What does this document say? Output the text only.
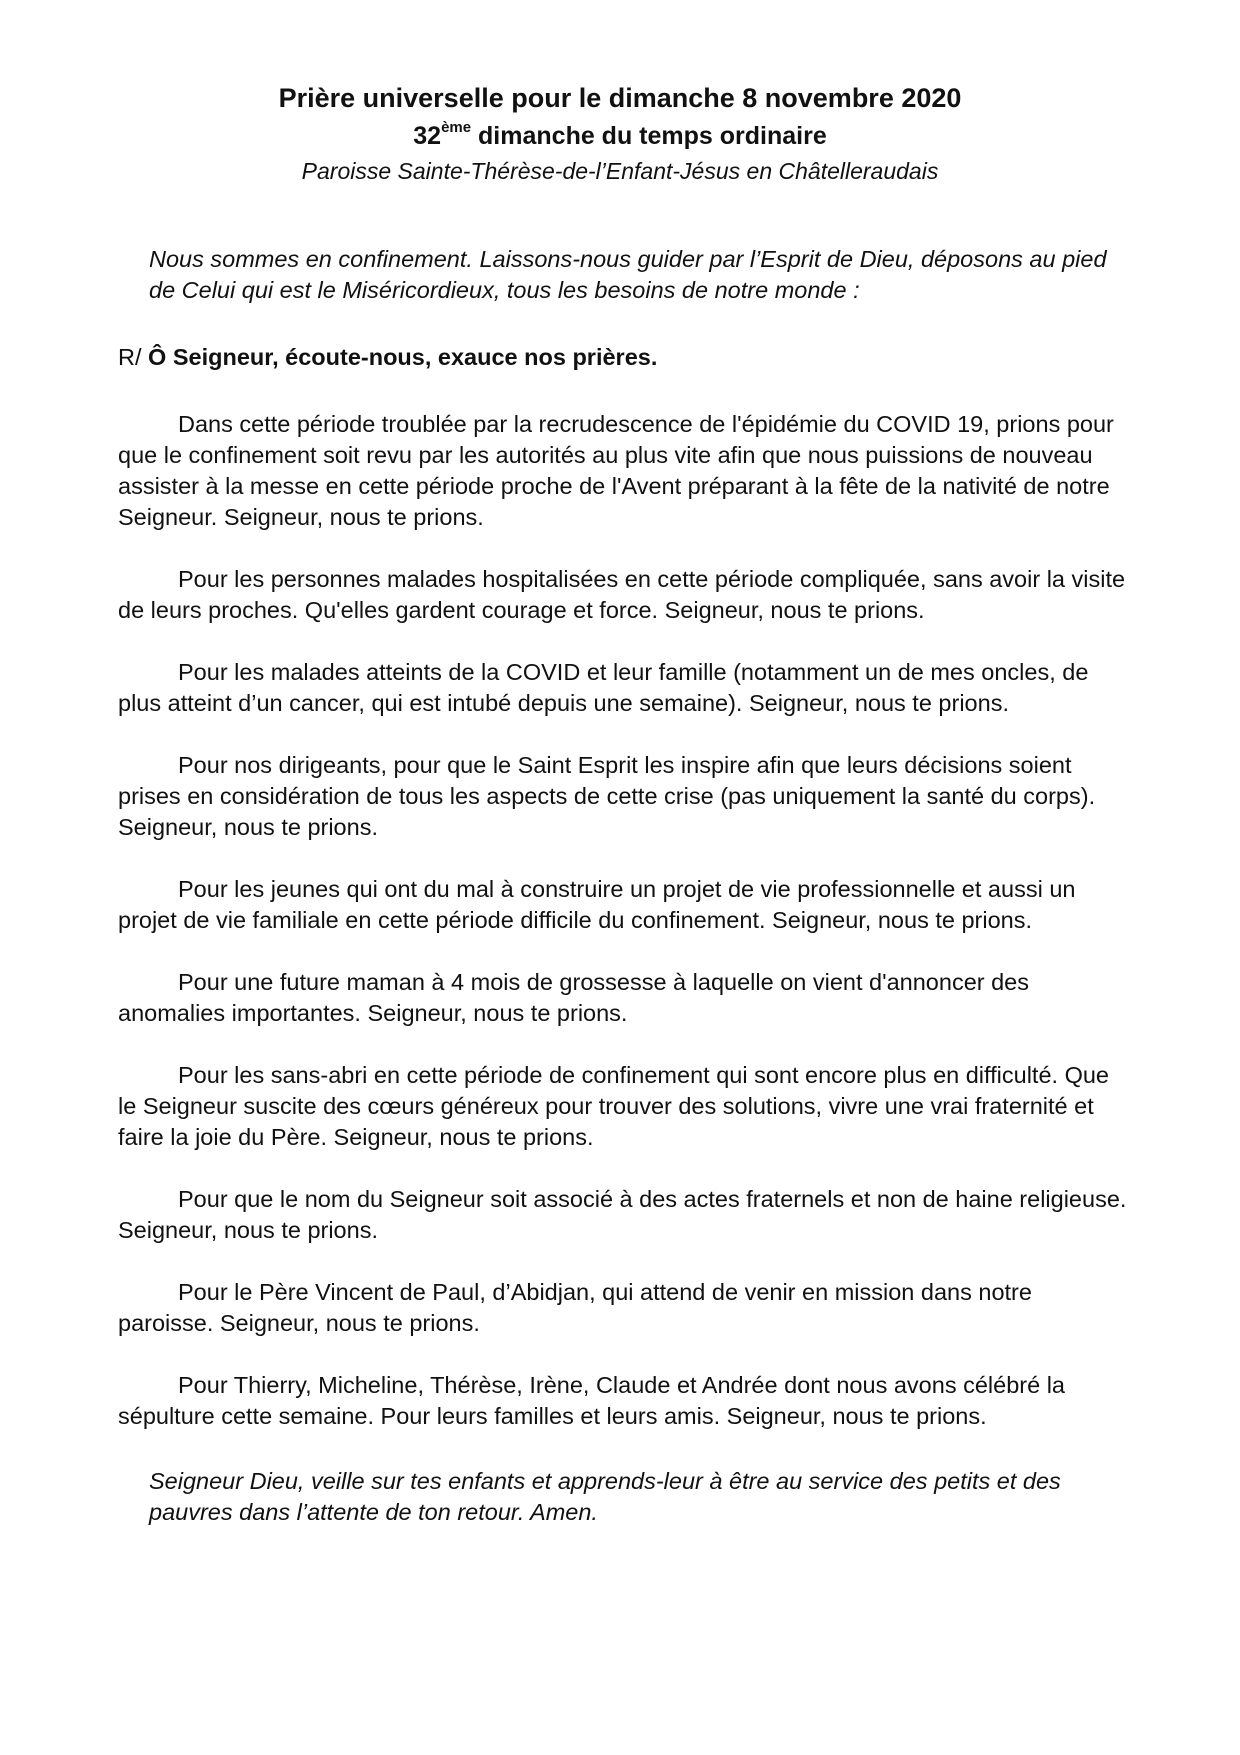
Prière universelle pour le dimanche 8 novembre 2020

32ème dimanche du temps ordinaire

Paroisse Sainte-Thérèse-de-l’Enfant-Jésus en Châtelleraudais

Nous sommes en confinement. Laissons-nous guider par l’Esprit de Dieu, déposons au pied de Celui qui est le Miséricordieux, tous les besoins de notre monde :

R/ Ô Seigneur, écoute-nous, exauce nos prières.

Dans cette période troublée par la recrudescence de l'épidémie du COVID 19, prions pour que le confinement soit revu par les autorités au plus vite afin que nous puissions de nouveau assister à la messe en cette période proche de l'Avent préparant à la fête de la nativité de notre Seigneur. Seigneur, nous te prions.

Pour les personnes malades hospitalisées en cette période compliquée, sans avoir la visite de leurs proches. Qu'elles gardent courage et force. Seigneur, nous te prions.

Pour les malades atteints de la COVID et leur famille (notamment un de mes oncles, de plus atteint d’un cancer, qui est intubé depuis une semaine). Seigneur, nous te prions.

Pour nos dirigeants, pour que le Saint Esprit les inspire afin que leurs décisions soient prises en considération de tous les aspects de cette crise (pas uniquement la santé du corps). Seigneur, nous te prions.

Pour les jeunes qui ont du mal à construire un projet de vie professionnelle et aussi un projet de vie familiale en cette période difficile du confinement. Seigneur, nous te prions.

Pour une future maman à 4 mois de grossesse à laquelle on vient d'annoncer des anomalies importantes. Seigneur, nous te prions.

Pour les sans-abri en cette période de confinement qui sont encore plus en difficulté. Que le Seigneur suscite des cœurs généreux pour trouver des solutions, vivre une vrai fraternité et faire la joie du Père. Seigneur, nous te prions.

Pour que le nom du Seigneur soit associé à des actes fraternels et non de haine religieuse. Seigneur, nous te prions.

Pour le Père Vincent de Paul, d’Abidjan, qui attend de venir en mission dans notre paroisse. Seigneur, nous te prions.

Pour Thierry, Micheline, Thérèse, Irène, Claude et Andrée dont nous avons célébré la sépulture cette semaine. Pour leurs familles et leurs amis. Seigneur, nous te prions.

Seigneur Dieu, veille sur tes enfants et apprends-leur à être au service des petits et des pauvres dans l’attente de ton retour. Amen.
